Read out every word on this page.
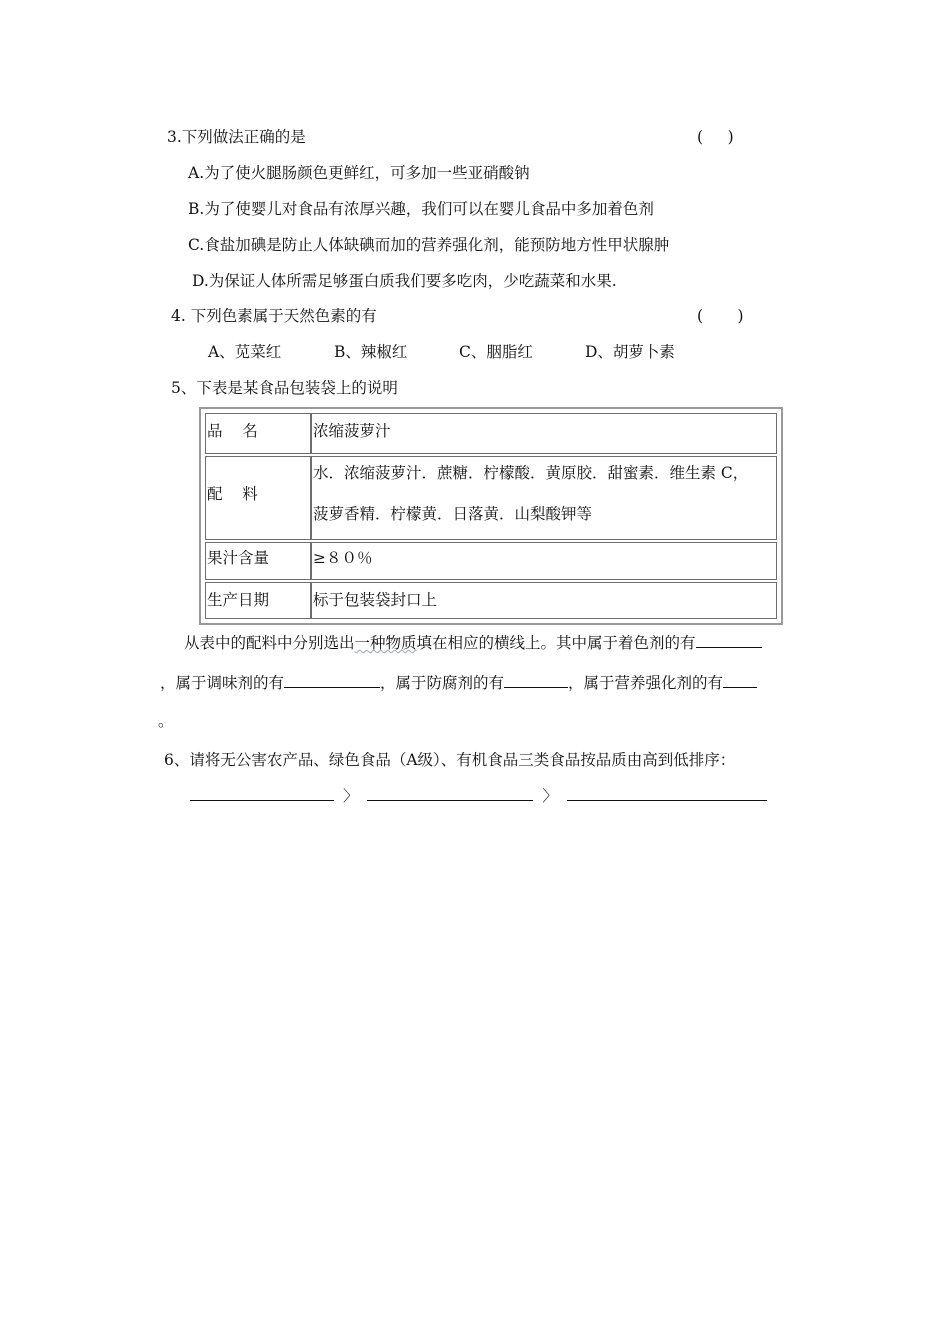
3.下列做法正确的是	(     )
A.为了使火腿肠颜色更鲜红，可多加一些亚硝酸钠
B.为了使婴儿对食品有浓厚兴趣，我们可以在婴儿食品中多加着色剂
C.食盐加碘是防止人体缺碘而加的营养强化剂，能预防地方性甲状腺肿
D.为保证人体所需足够蛋白质我们要多吃肉，少吃蔬菜和水果.
4. 下列色素属于天然色素的有	(       )
A、苋菜红	B、辣椒红	C、胭脂红	D、胡萝卜素
5、下表是某食品包装袋上的说明
品    名	浓缩菠萝汁
配    料
水．浓缩菠萝汁．蔗糖．柠檬酸．黄原胶．甜蜜素．维生素 C，
菠萝香精．柠檬黄．日落黄．山梨酸钾等
果汁含量	≥８０％
生产日期	标于包装袋封口上
从表中的配料中分别选出一种物质填在相应的横线上。其中属于着色剂的有
，属于调味剂的有	，属于防腐剂的有	，属于营养强化剂的有
。
6、请将无公害农产品、绿色食品（A级）、有机食品三类食品按品质由高到低排序：
〉	〉
